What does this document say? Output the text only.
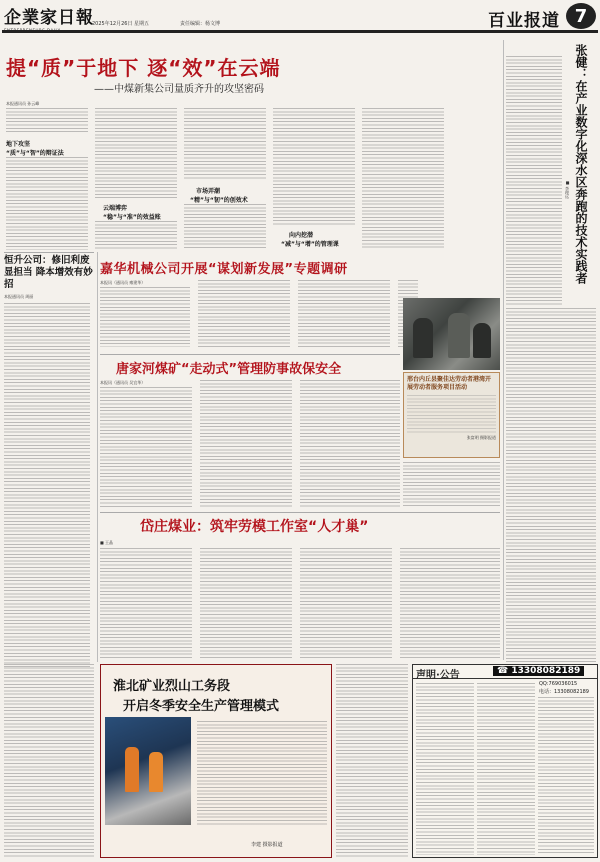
企業家日報
2025年12月26日 星期五	责任编辑：杨文博	百业报道 7
提“质”于地下 逐“效”在云端
——中煤新集公司量质齐升的攻坚密码
本报通讯员 孙云峰
地下攻坚
“质”与“智”的辩证法
云端博弈
“稳”与“准”的效益账
市场弄潮
“精”与“韧”的创效术
向内挖潜
“减”与“增”的管理课
恒升公司：修旧利废显担当 降本增效有妙招
本报通讯员 周丽
嘉华机械公司开展“谋划新发展”专题调研
本报讯（通讯员 雍建华）
邢台内丘县聚佳达劳动者港湾开展劳动者服务项目活动
张富明 摄影报道
唐家河煤矿“走动式”管理防事故保安全
本报讯（通讯员 吴宜华）
岱庄煤业：筑牢劳模工作室“人才巢”
■ 王晶
张健：在产业数字化深水区奔跑的技术实践者
■ 李理远
淮北矿业烈山工务段
开启冬季安全生产管理模式
李建 摄影报道
声明·公告	☎ 13308082189
QQ:769036015
电话：13308082189
